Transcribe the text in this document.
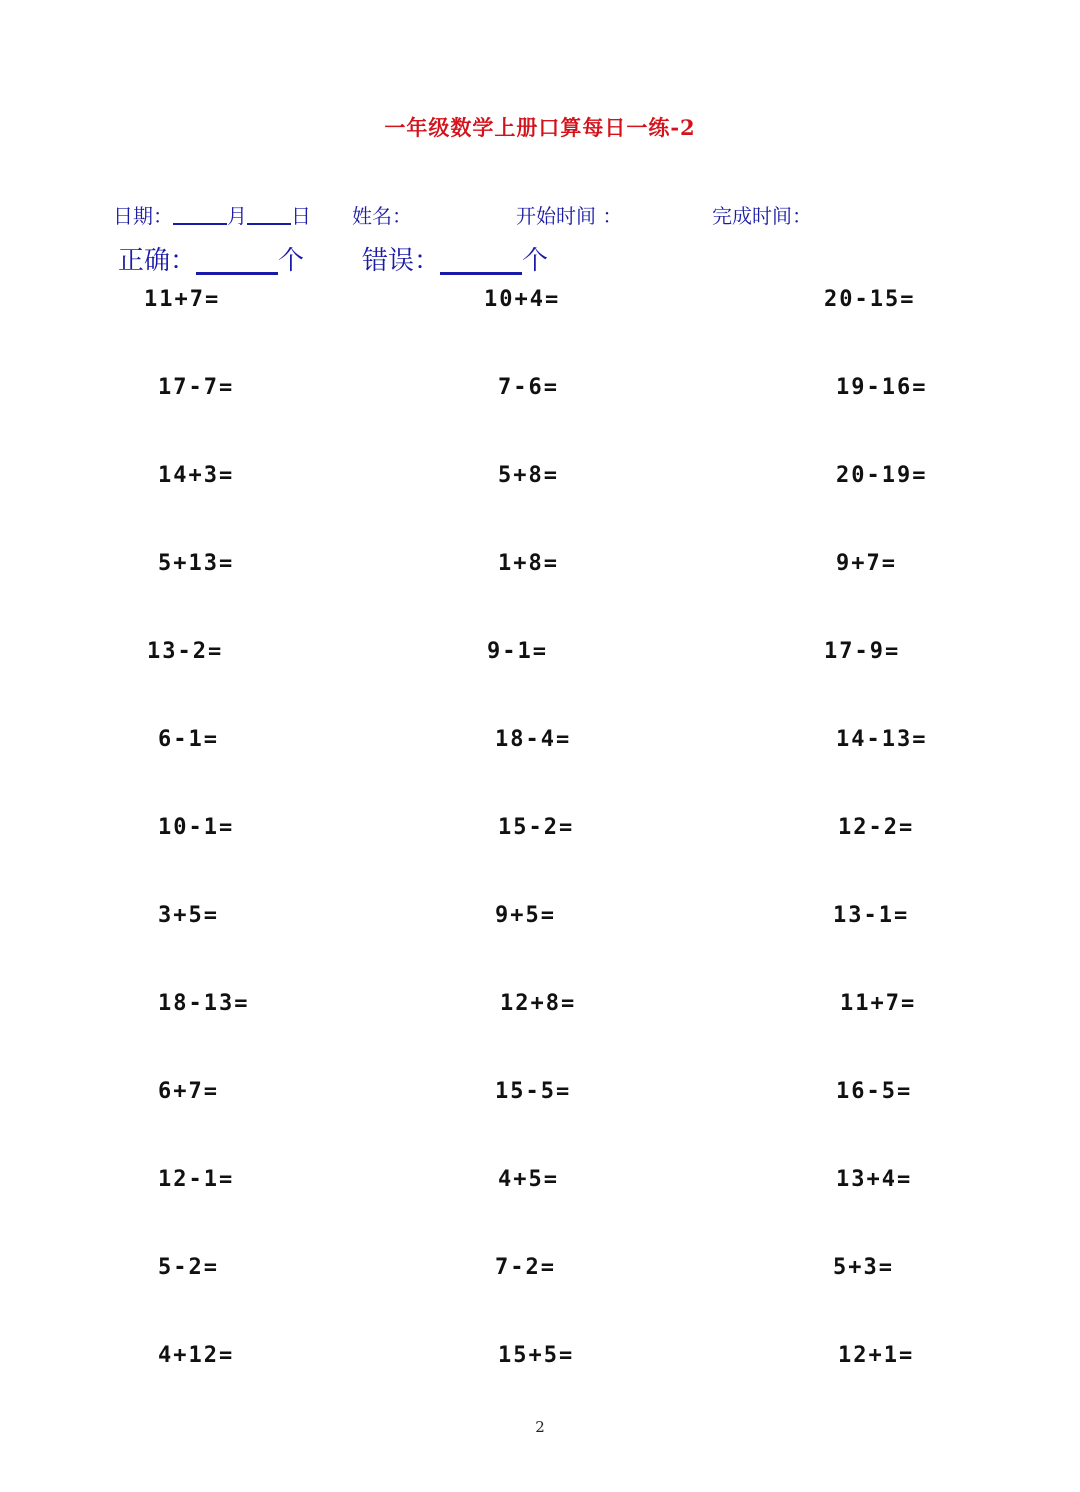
一年级数学上册口算每日一练-2
日期：	月 日 姓名：	开始时间 ：	完成时间：
正确：	个 错误：	个
11+7=	10+4=	20-15=
17-7=	7-6=	19-16=
14+3=	5+8=	20-19=
5+13=	1+8=	9+7=
13-2=	9-1=	17-9=
6-1=	18-4=	14-13=
10-1=	15-2=	12-2=
3+5=	9+5=	13-1=
18-13=	12+8=	11+7=
6+7=	15-5=	16-5=
12-1=	4+5=	13+4=
5-2=	7-2=	5+3=
4+12=	15+5=	12+1=
2
